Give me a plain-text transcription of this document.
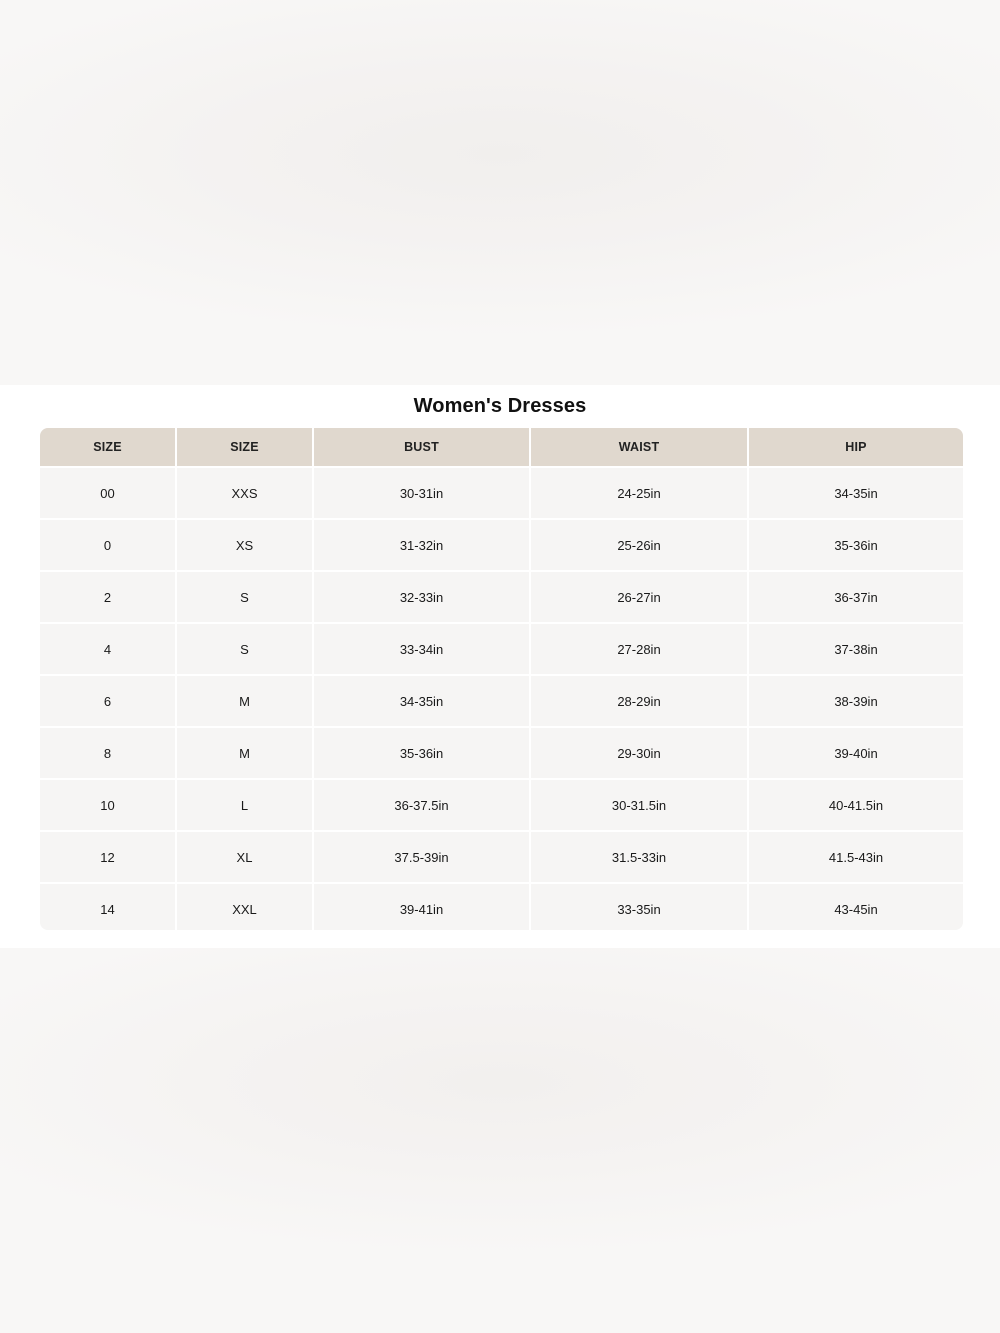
Women's Dresses
SIZE	SIZE	BUST	WAIST	HIP
00	XXS	30-31in	24-25in	34-35in
0	XS	31-32in	25-26in	35-36in
2	S	32-33in	26-27in	36-37in
4	S	33-34in	27-28in	37-38in
6	M	34-35in	28-29in	38-39in
8	M	35-36in	29-30in	39-40in
10	L	36-37.5in	30-31.5in	40-41.5in
12	XL	37.5-39in	31.5-33in	41.5-43in
14	XXL	39-41in	33-35in	43-45in
